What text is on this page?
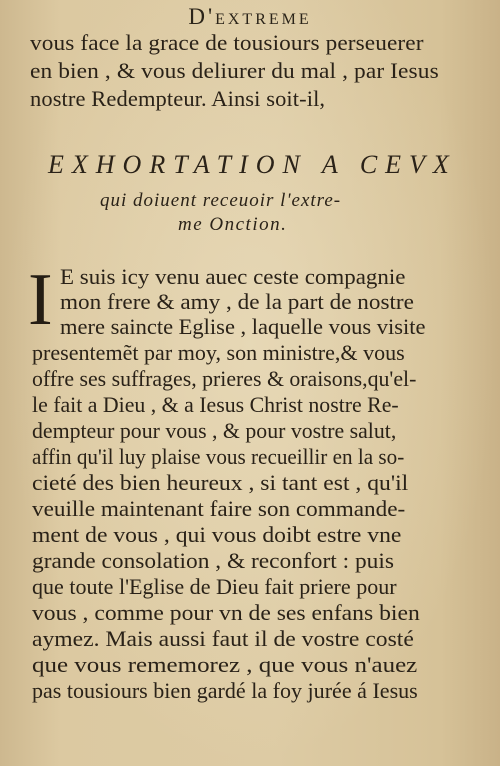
D'extreme
vous face la grace de tousiours perseuerer
en bien , & vous deliurer du mal , par Iesus
nostre Redempteur. Ainsi soit-il,
EXHORTATION A CEVX
qui doiuent receuoir l'extre-
me Onction.
I E suis icy venu auec ceste compagnie
mon frere & amy , de la part de nostre
mere saincte Eglise , laquelle vous visite
presentemẽt par moy, son ministre,& vous
offre ses suffrages, prieres & oraisons,qu'el-
le fait a Dieu , & a Iesus Christ nostre Re-
dempteur pour vous , & pour vostre salut,
affin qu'il luy plaise vous recueillir en la so-
cieté des bien heureux , si tant est , qu'il
veuille maintenant faire son commande-
ment de vous , qui vous doibt estre vne
grande consolation , & reconfort : puis
que toute l'Eglise de Dieu fait priere pour
vous , comme pour vn de ses enfans bien
aymez. Mais aussi faut il de vostre costé
que vous rememorez , que vous n'auez
pas tousiours bien gardé la foy jurée á Iesus
